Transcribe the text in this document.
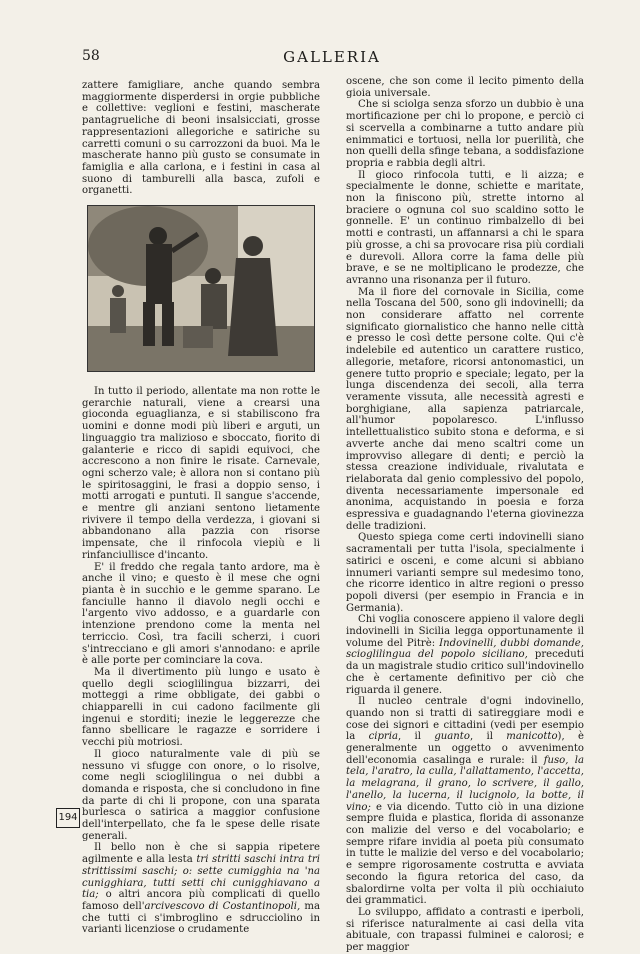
58	GALLERIA

zattere famigliare, anche quando sembra maggiormente disperdersi in orgie pubbliche e collettive: veglioni e festini, mascherate pantagrueliche di beoni insalsicciati, grosse rappresentazioni allegoriche e satiriche su carretti comuni o su carrozzoni da buoi. Ma le mascherate hanno più gusto se consumate in famiglia e alla carlona, e i festini in casa al suono di tamburelli alla basca, zufoli e organetti.

In tutto il periodo, allentate ma non rotte le gerarchie naturali, viene a crearsi una gioconda eguaglianza, e si stabiliscono fra uomini e donne modi più liberi e arguti, un linguaggio tra malizioso e sboccato, fiorito di galanterie e ricco di sapidi equivoci, che accrescono a non finire le risate. Carnevale, ogni scherzo vale; è allora non si contano più le spiritosaggini, le frasi a doppio senso, i motti arrogati e puntuti. Il sangue s'accende, e mentre gli anziani sentono lietamente rivivere il tempo della verdezza, i giovani si abbandonano alla pazzia con risorse impensate, che il rinfocola viepiù e li rinfanciullisce d'incanto.

E' il freddo che regala tanto ardore, ma è anche il vino; e questo è il mese che ogni pianta è in succhio e le gemme sparano. Le fanciulle hanno il diavolo negli occhi e l'argento vivo addosso, e a guardarle con intenzione prendono come la menta nel terriccio. Così, tra facili scherzi, i cuori s'intrecciano e gli amori s'annodano: e aprile è alle porte per cominciare la cova.

Ma il divertimento più lungo e usato è quello degli scioglilingua bizzarri, dei motteggi a rime obbligate, dei gabbi o chiapparelli in cui cadono facilmente gli ingenui e storditi; inezie le leggerezze che fanno sbellicare le ragazze e sorridere i vecchi più motriosi.

Il gioco naturalmente vale di più se nessuno vi sfugge con onore, o lo risolve, come negli scioglilingua o nei dubbi a domanda e risposta, che si concludono in fine da parte di chi li propone, con una sparata burlesca o satirica a maggior confusione dell'interpellato, che fa le spese delle risate generali.

Il bello non è che si sappia ripetere agilmente e alla lesta tri stritti saschi intra tri strittissimi saschi; o: sette cumigghia na 'na cunigghiara, tutti setti chi cunigghiavano a tia; o altri ancora più complicati di quello famoso dell'arcivescovo di Costantinopoli, ma che tutti ci s'imbroglino e sdrucciolino in varianti licenziose o crudamente

oscene, che son come il lecito pimento della gioia universale.

Che si sciolga senza sforzo un dubbio è una mortificazione per chi lo propone, e perciò ci si scervella a combinarne a tutto andare più enimmatici e tortuosi, nella lor puerilità, che non quelli della sfinge tebana, a soddisfazione propria e rabbia degli altri.

Il gioco rinfocola tutti, e li aizza; e specialmente le donne, schiette e maritate, non la finiscono più, strette intorno al braciere o ognuna col suo scaldino sotto le gonnelle. E' un continuo rimbalzello di bei motti e contrasti, un affannarsi a chi le spara più grosse, a chi sa provocare risa più cordiali e durevoli. Allora corre la fama delle più brave, e se ne moltiplicano le prodezze, che avranno una risonanza per il futuro.

Ma il fiore del cornovale in Sicilia, come nella Toscana del 500, sono gli indovinelli; da non considerare affatto nel corrente significato giornalistico che hanno nelle città e presso le così dette persone colte. Qui c'è indelebile ed autentico un carattere rustico, allegorie, metafore, ricorsi antonomastici, un genere tutto proprio e speciale; legato, per la lunga discendenza dei secoli, alla terra veramente vissuta, alle necessità agresti e borghigiane, alla sapienza patriarcale, all'humor popolaresco. L'influsso intellettualistico subito stona e deforma, e si avverte anche dai meno scaltri come un improvviso allegare di denti; e perciò la stessa creazione individuale, rivalutata e rielaborata dal genio complessivo del popolo, diventa necessariamente impersonale ed anonima, acquistando in poesia e forza espressiva e guadagnando l'eterna giovinezza delle tradizioni.

Questo spiega come certi indovinelli siano sacramentali per tutta l'isola, specialmente i satirici e osceni, e come alcuni si abbiano innumeri varianti sempre sul medesimo tono, che ricorre identico in altre regioni o presso popoli diversi (per esempio in Francia e in Germania).

Chi voglia conoscere appieno il valore degli indovinelli in Sicilia legga opportunamente il volume del Pitrè: Indovinelli, dubbi domande, scioglilingua del popolo siciliano, preceduti da un magistrale studio critico sull'indovinello che è certamente definitivo per ciò che riguarda il genere.

Il nucleo centrale d'ogni indovinello, quando non si tratti di satireggiare modi e cose dei signori e cittadini (vedi per esempio la cipria, il guanto, il manicotto), è generalmente un oggetto o avvenimento dell'economia casalinga e rurale: il fuso, la tela, l'aratro, la culla, l'allattamento, l'accetta, la melagrana, il grano, lo scrivere, il gallo, l'anello, la lucerna, il lucignolo, la botte, il vino; e via dicendo. Tutto ciò in una dizione sempre fluida e plastica, florida di assonanze con malizie del verso e del vocabolario; e sempre rifare invidia al poeta più consumato in tutte le malizie del verso e del vocabolario; e sempre rigorosamente costrutta e avviata secondo la figura retorica del caso, da sbalordirne volta per volta il più occhiaiuto dei grammatici.

Lo sviluppo, affidato a contrasti e iperboli, si riferisce naturalmente ai casi della vita abituale, con trapassi fulminei e calorosi; e per maggior

194
